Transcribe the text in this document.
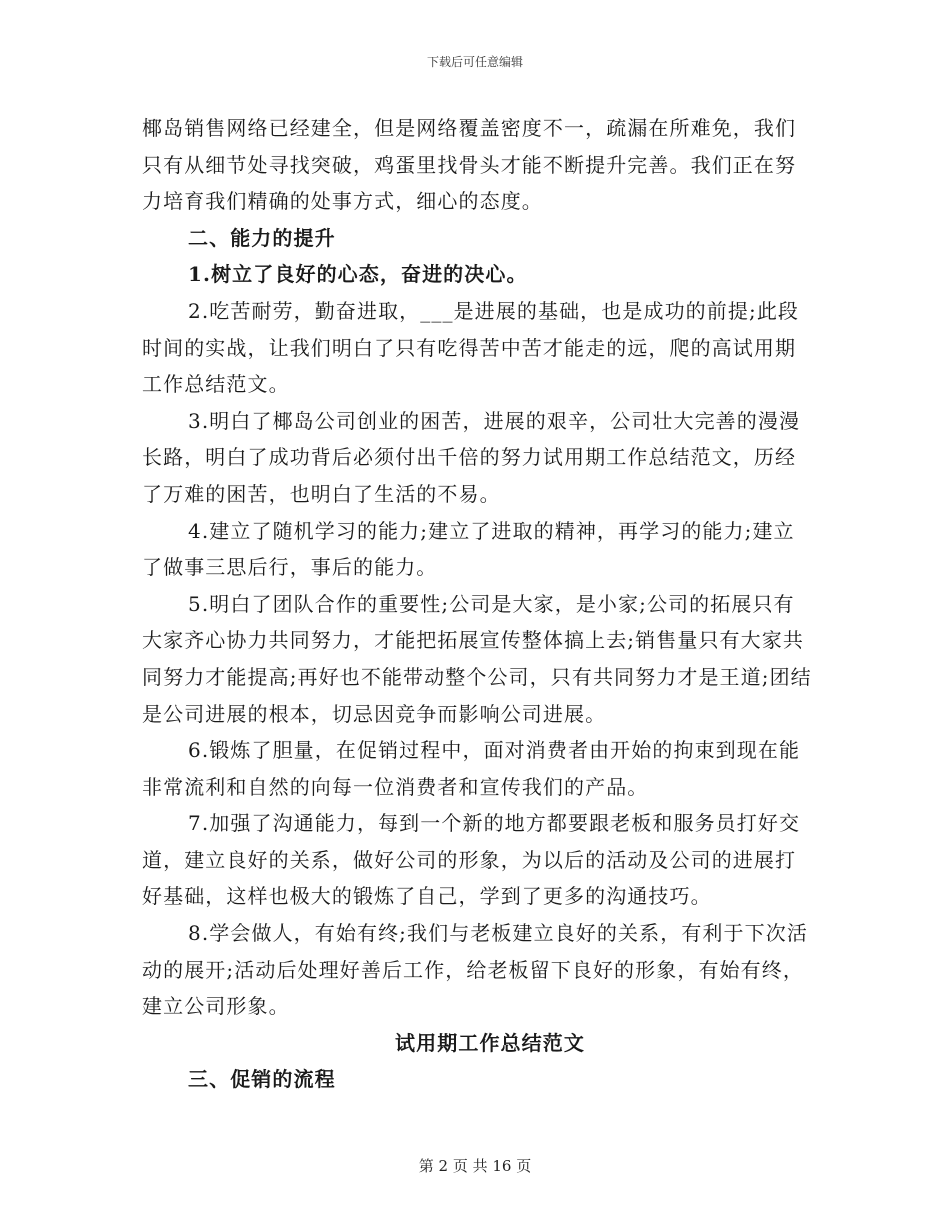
下载后可任意编辑

椰岛销售网络已经建全，但是网络覆盖密度不一，疏漏在所难免，我们只有从细节处寻找突破，鸡蛋里找骨头才能不断提升完善。我们正在努力培育我们精确的处事方式，细心的态度。

二、能力的提升

1.树立了良好的心态，奋进的决心。

2.吃苦耐劳，勤奋进取，___是进展的基础，也是成功的前提;此段时间的实战，让我们明白了只有吃得苦中苦才能走的远，爬的高试用期工作总结范文。

3.明白了椰岛公司创业的困苦，进展的艰辛，公司壮大完善的漫漫长路，明白了成功背后必须付出千倍的努力试用期工作总结范文，历经了万难的困苦，也明白了生活的不易。

4.建立了随机学习的能力;建立了进取的精神，再学习的能力;建立了做事三思后行，事后的能力。

5.明白了团队合作的重要性;公司是大家，是小家;公司的拓展只有大家齐心协力共同努力，才能把拓展宣传整体搞上去;销售量只有大家共同努力才能提高;再好也不能带动整个公司，只有共同努力才是王道;团结是公司进展的根本，切忌因竞争而影响公司进展。

6.锻炼了胆量，在促销过程中，面对消费者由开始的拘束到现在能非常流利和自然的向每一位消费者和宣传我们的产品。

7.加强了沟通能力，每到一个新的地方都要跟老板和服务员打好交道，建立良好的关系，做好公司的形象，为以后的活动及公司的进展打好基础，这样也极大的锻炼了自己，学到了更多的沟通技巧。

8.学会做人，有始有终;我们与老板建立良好的关系，有利于下次活动的展开;活动后处理好善后工作，给老板留下良好的形象，有始有终，建立公司形象。

试用期工作总结范文

三、促销的流程

第 2 页 共 16 页
